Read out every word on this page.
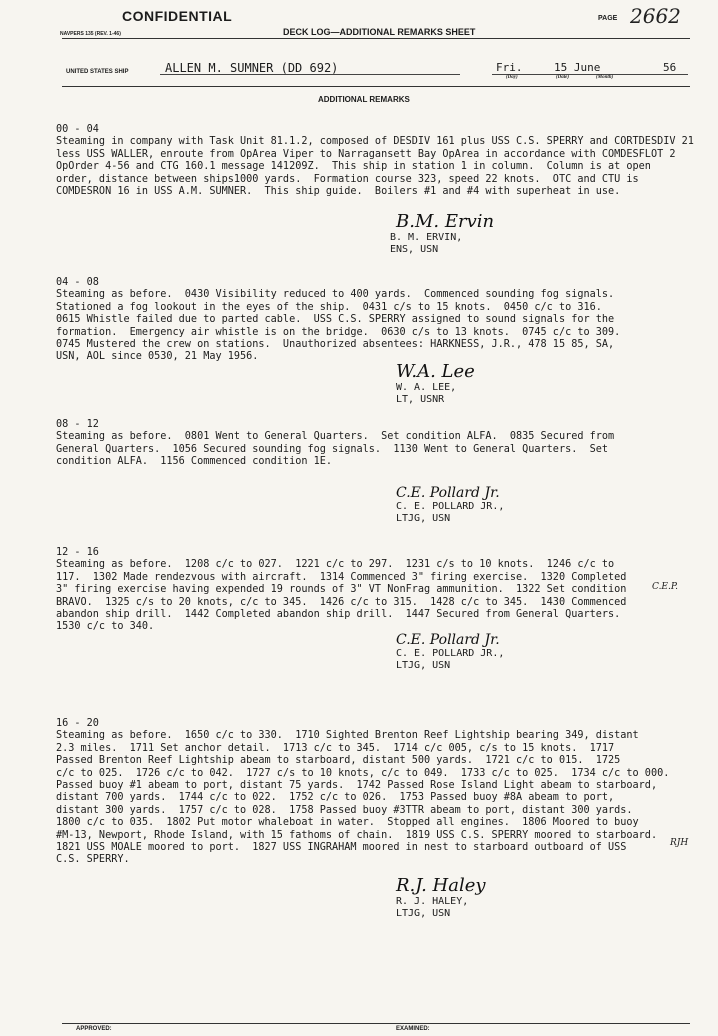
CONFIDENTIAL	PAGE 2662
NAVPERS 135 (REV. 1-46)	DECK LOG—ADDITIONAL REMARKS SHEET
UNITED STATES SHIP	ALLEN M. SUMNER (DD 692)	Fri.	15 June	56
(Day)	(Date)	(Month)
ADDITIONAL REMARKS
00 - 04
Steaming in company with Task Unit 81.1.2, composed of DESDIV 161 plus USS C.S. SPERRY and CORTDESDIV 21
less USS WALLER, enroute from OpArea Viper to Narragansett Bay OpArea in accordance with COMDESFLOT 2
OpOrder 4-56 and CTG 160.1 message 141209Z.  This ship in station 1 in column.  Column is at open
order, distance between ships1000 yards.  Formation course 323, speed 22 knots.  OTC and CTU is
COMDESRON 16 in USS A.M. SUMNER.  This ship guide.  Boilers #1 and #4 with superheat in use.
B.M. Ervin
B. M. ERVIN,
ENS, USN
04 - 08
Steaming as before.  0430 Visibility reduced to 400 yards.  Commenced sounding fog signals.
Stationed a fog lookout in the eyes of the ship.  0431 c/s to 15 knots.  0450 c/c to 316.
0615 Whistle failed due to parted cable.  USS C.S. SPERRY assigned to sound signals for the
formation.  Emergency air whistle is on the bridge.  0630 c/s to 13 knots.  0745 c/c to 309.
0745 Mustered the crew on stations.  Unauthorized absentees: HARKNESS, J.R., 478 15 85, SA,
USN, AOL since 0530, 21 May 1956.
W.A. Lee
W. A. LEE,
LT, USNR
08 - 12
Steaming as before.  0801 Went to General Quarters.  Set condition ALFA.  0835 Secured from
General Quarters.  1056 Secured sounding fog signals.  1130 Went to General Quarters.  Set
condition ALFA.  1156 Commenced condition 1E.
C.E. Pollard Jr.
C. E. POLLARD JR.,
LTJG, USN
12 - 16
Steaming as before.  1208 c/c to 027.  1221 c/c to 297.  1231 c/s to 10 knots.  1246 c/c to
117.  1302 Made rendezvous with aircraft.  1314 Commenced 3" firing exercise.  1320 Completed
3" firing exercise having expended 19 rounds of 3" VT NonFrag ammunition.  1322 Set condition
BRAVO.  1325 c/s to 20 knots, c/c to 345.  1426 c/c to 315.  1428 c/c to 345.  1430 Commenced
abandon ship drill.  1442 Completed abandon ship drill.  1447 Secured from General Quarters.
1530 c/c to 340.
C.E.P.
C.E. Pollard Jr.
C. E. POLLARD JR.,
LTJG, USN
16 - 20
Steaming as before.  1650 c/c to 330.  1710 Sighted Brenton Reef Lightship bearing 349, distant
2.3 miles.  1711 Set anchor detail.  1713 c/c to 345.  1714 c/c 005, c/s to 15 knots.  1717
Passed Brenton Reef Lightship abeam to starboard, distant 500 yards.  1721 c/c to 015.  1725
c/c to 025.  1726 c/c to 042.  1727 c/s to 10 knots, c/c to 049.  1733 c/c to 025.  1734 c/c to 000.
Passed buoy #1 abeam to port, distant 75 yards.  1742 Passed Rose Island Light abeam to starboard,
distant 700 yards.  1744 c/c to 022.  1752 c/c to 026.  1753 Passed buoy #8A abeam to port,
distant 300 yards.  1757 c/c to 028.  1758 Passed buoy #3TTR abeam to port, distant 300 yards.
1800 c/c to 035.  1802 Put motor whaleboat in water.  Stopped all engines.  1806 Moored to buoy
#M-13, Newport, Rhode Island, with 15 fathoms of chain.  1819 USS C.S. SPERRY moored to starboard.
1821 USS MOALE moored to port.  1827 USS INGRAHAM moored in nest to starboard outboard of USS
C.S. SPERRY.
RJH
R.J. Haley
R. J. HALEY,
LTJG, USN
APPROVED:	EXAMINED:
